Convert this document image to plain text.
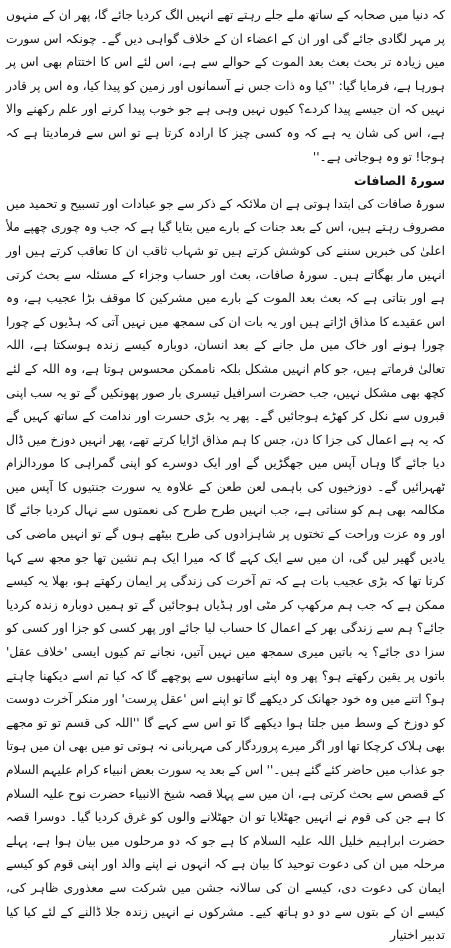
کہ دنیا میں صحابہ کے ساتھ ملے جلے رہتے تھے انہیں الگ کردیا جائے گا، پھر ان کے منہوں پر مہر لگادی جائے گی اور ان کے اعضاء ان کے خلاف گواہی دیں گے۔ چونکہ اس سورت میں زیادہ تر بحث بعث بعد الموت کے حوالے سے ہے، اس لئے اس کا اختتام بھی اس پر ہورہا ہے، فرمایا گیا: ''کیا وہ ذات جس نے آسمانوں اور زمین کو پیدا کیا، وہ اس پر قادر نہیں کہ ان جیسے پیدا کردے؟ کیوں نہیں وہی ہے جو خوب پیدا کرنے اور علم رکھنے والا ہے، اس کی شان یہ ہے کہ وہ کسی چیز کا ارادہ کرتا ہے تو اس سے فرمادیتا ہے کہ ہوجا! تو وہ ہوجاتی ہے۔''

سورۃ الصافات

سورۂ صافات کی ابتدا ہوتی ہے ان ملائکہ کے ذکر سے جو عبادات اور تسبیح و تحمید میں مصروف رہتے ہیں، اس کے بعد جنات کے بارے میں بتایا گیا ہے کہ جب وہ چوری چھپے ملأ اعلیٰ کی خبریں سننے کی کوشش کرتے ہیں تو شہاب ثاقب ان کا تعاقب کرتے ہیں اور انہیں مار بھگاتے ہیں۔ سورۂ صافات، بعث اور حساب وجزاء کے مسئلہ سے بحث کرتی ہے اور بتاتی ہے کہ بعث بعد الموت کے بارے میں مشرکین کا موقف بڑا عجیب ہے، وہ اس عقیدے کا مذاق اڑاتے ہیں اور یہ بات ان کی سمجھ میں نہیں آتی کہ ہڈیوں کے چورا چورا ہونے اور خاک میں مل جانے کے بعد انسان، دوبارہ کیسے زندہ ہوسکتا ہے، اللہ تعالیٰ فرماتے ہیں، جو کام انہیں مشکل بلکہ ناممکن محسوس ہوتا ہے، وہ اللہ کے لئے کچھ بھی مشکل نہیں، جب حضرت اسرافیل تیسری بار صور پھونکیں گے تو یہ سب اپنی قبروں سے نکل کر کھڑے ہوجائیں گے۔ پھر یہ بڑی حسرت اور ندامت کے ساتھ کہیں گے کہ یہ ہے اعمال کی جزا کا دن، جس کا ہم مذاق اڑایا کرتے تھے، پھر انہیں دوزخ میں ڈال دیا جائے گا وہاں آپس میں جھگڑیں گے اور ایک دوسرے کو اپنی گمراہی کا موردالزام ٹھہرائیں گے۔ دوزخیوں کی باہمی لعن طعن کے علاوہ یہ سورت جنتیوں کا آپس میں مکالمہ بھی ہم کو سناتی ہے، جب انہیں طرح طرح کی نعمتوں سے نہال کردیا جائے گا اور وہ عزت وراحت کے تختوں پر شاہزادوں کی طرح بیٹھے ہوں گے تو انہیں ماضی کی یادیں گھیر لیں گی، ان میں سے ایک کہے گا کہ میرا ایک ہم نشین تھا جو مجھ سے کہا کرتا تھا کہ بڑی عجیب بات ہے کہ تم آخرت کی زندگی پر ایمان رکھتے ہو، بھلا یہ کیسے ممکن ہے کہ جب ہم مرکھپ کر مٹی اور ہڈیاں ہوجائیں گے تو ہمیں دوبارہ زندہ کردیا جائے؟ ہم سے زندگی بھر کے اعمال کا حساب لیا جائے اور پھر کسی کو جزا اور کسی کو سزا دی جائے؟ یہ باتیں میری سمجھ میں نہیں آتیں، نجانے تم کیوں ایسی 'خلاف عقل' باتوں پر یقین رکھتے ہو؟ پھر وہ اپنے ساتھیوں سے پوچھے گا کہ کیا تم اسے دیکھنا چاہتے ہو؟ اتنے میں وہ خود جھانک کر دیکھے گا تو اپنے اس 'عقل پرست' اور منکر آخرت دوست کو دوزخ کے وسط میں جلتا ہوا دیکھے گا تو اس سے کہے گا ''اللہ کی قسم تو تو مجھے بھی ہلاک کرچکا تھا اور اگر میرے پروردگار کی مہربانی نہ ہوتی تو میں بھی ان میں ہوتا جو عذاب میں حاضر کئے گئے ہیں۔'' اس کے بعد یہ سورت بعض انبیاء کرام علیہم السلام کے قصص سے بحث کرتی ہے، ان میں سے پہلا قصہ شیخ الانبیاء حضرت نوح علیہ السلام کا ہے جن کی قوم نے انہیں جھٹلایا تو ان جھٹلانے والوں کو غرق کردیا گیا۔ دوسرا قصہ حضرت ابراہیم خلیل اللہ علیہ السلام کا ہے جو کہ دو مرحلوں میں بیان ہوا ہے، پہلے مرحلہ میں ان کی دعوت توحید کا بیان ہے کہ انہوں نے اپنے والد اور اپنی قوم کو کیسے ایمان کی دعوت دی، کیسے ان کی سالانہ جشن میں شرکت سے معذوری ظاہر کی، کیسے ان کے بتوں سے دو دو ہاتھ کیے۔ مشرکوں نے انہیں زندہ جلا ڈالنے کے لئے کیا کیا تدبیر اختیار
